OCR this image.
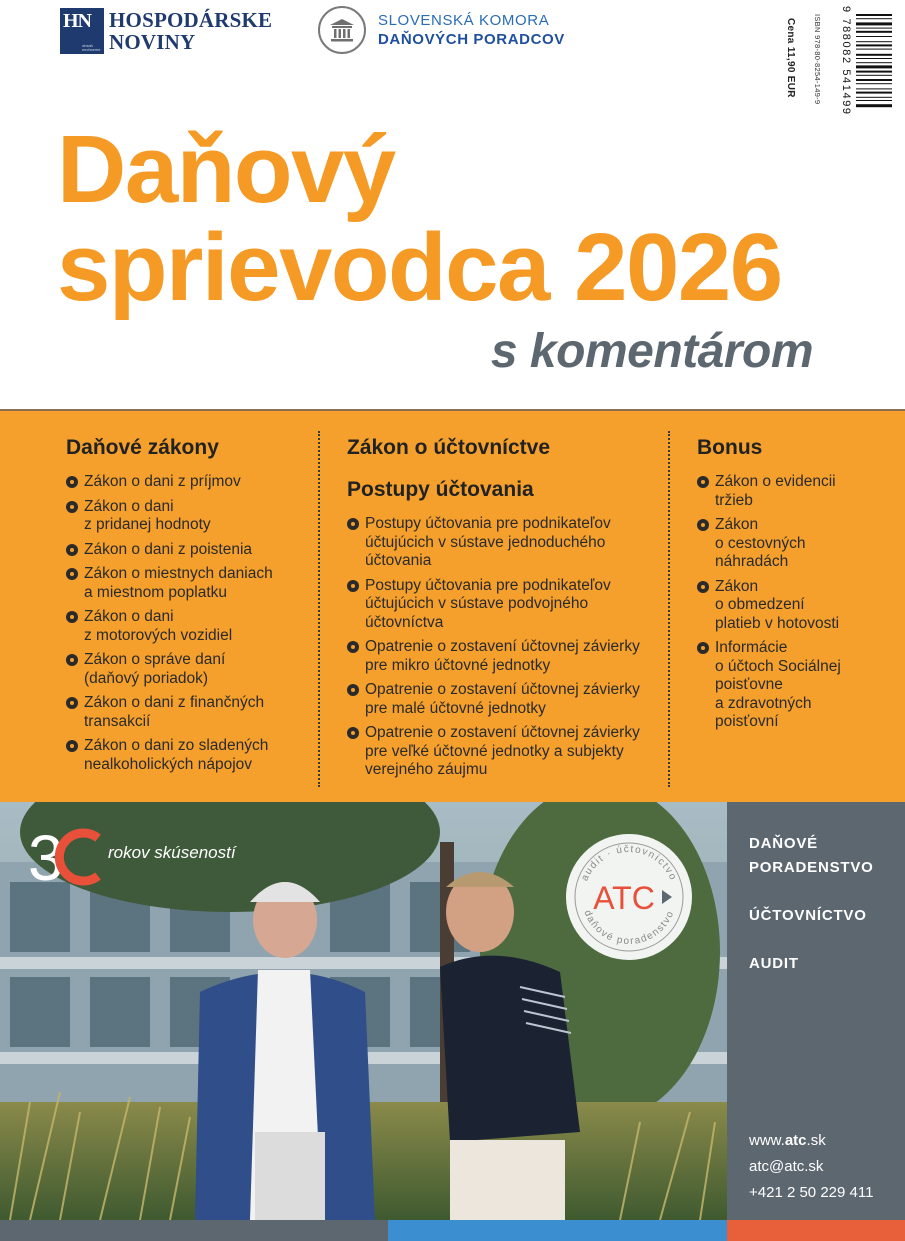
HN
obsah nechceme
HOSPODÁRSKE
NOVINY
SLOVENSKÁ KOMORA
DAŇOVÝCH PORADCOV	Cena 11,90 EUR ISBN 978-80-8254-149-9 9 788082 541499
Daňový
sprievodca 2026
s komentárom
Daňové zákony
Zákon o dani z príjmov
Zákon o dani
z pridanej hodnoty
Zákon o dani z poistenia
Zákon o miestnych daniach
a miestnom poplatku
Zákon o dani
z motorových vozidiel
Zákon o správe daní
(daňový poriadok)
Zákon o dani z finančných
transakcií
Zákon o dani zo sladených
nealkoholických nápojov
Zákon o účtovníctve
Postupy účtovania
Postupy účtovania pre podnikateľov
účtujúcich v sústave jednoduchého
účtovania
Postupy účtovania pre podnikateľov
účtujúcich v sústave podvojného
účtovníctva
Opatrenie o zostavení účtovnej závierky
pre mikro účtovné jednotky
Opatrenie o zostavení účtovnej závierky
pre malé účtovné jednotky
Opatrenie o zostavení účtovnej závierky
pre veľké účtovné jednotky a subjekty
verejného záujmu
Bonus
Zákon o evidencii
tržieb
Zákon
o cestovných
náhradách
Zákon
o obmedzení
platieb v hotovosti
Informácie
o účtoch Sociálnej
poisťovne
a zdravotných
poisťovní
3	rokov skúseností
audit · účtovníctvo
daňové poradenstvo
ATC
DAŇOVÉ
PORADENSTVO
ÚČTOVNÍCTVO
AUDIT
www.atc.sk
atc@atc.sk
+421 2 50 229 411
